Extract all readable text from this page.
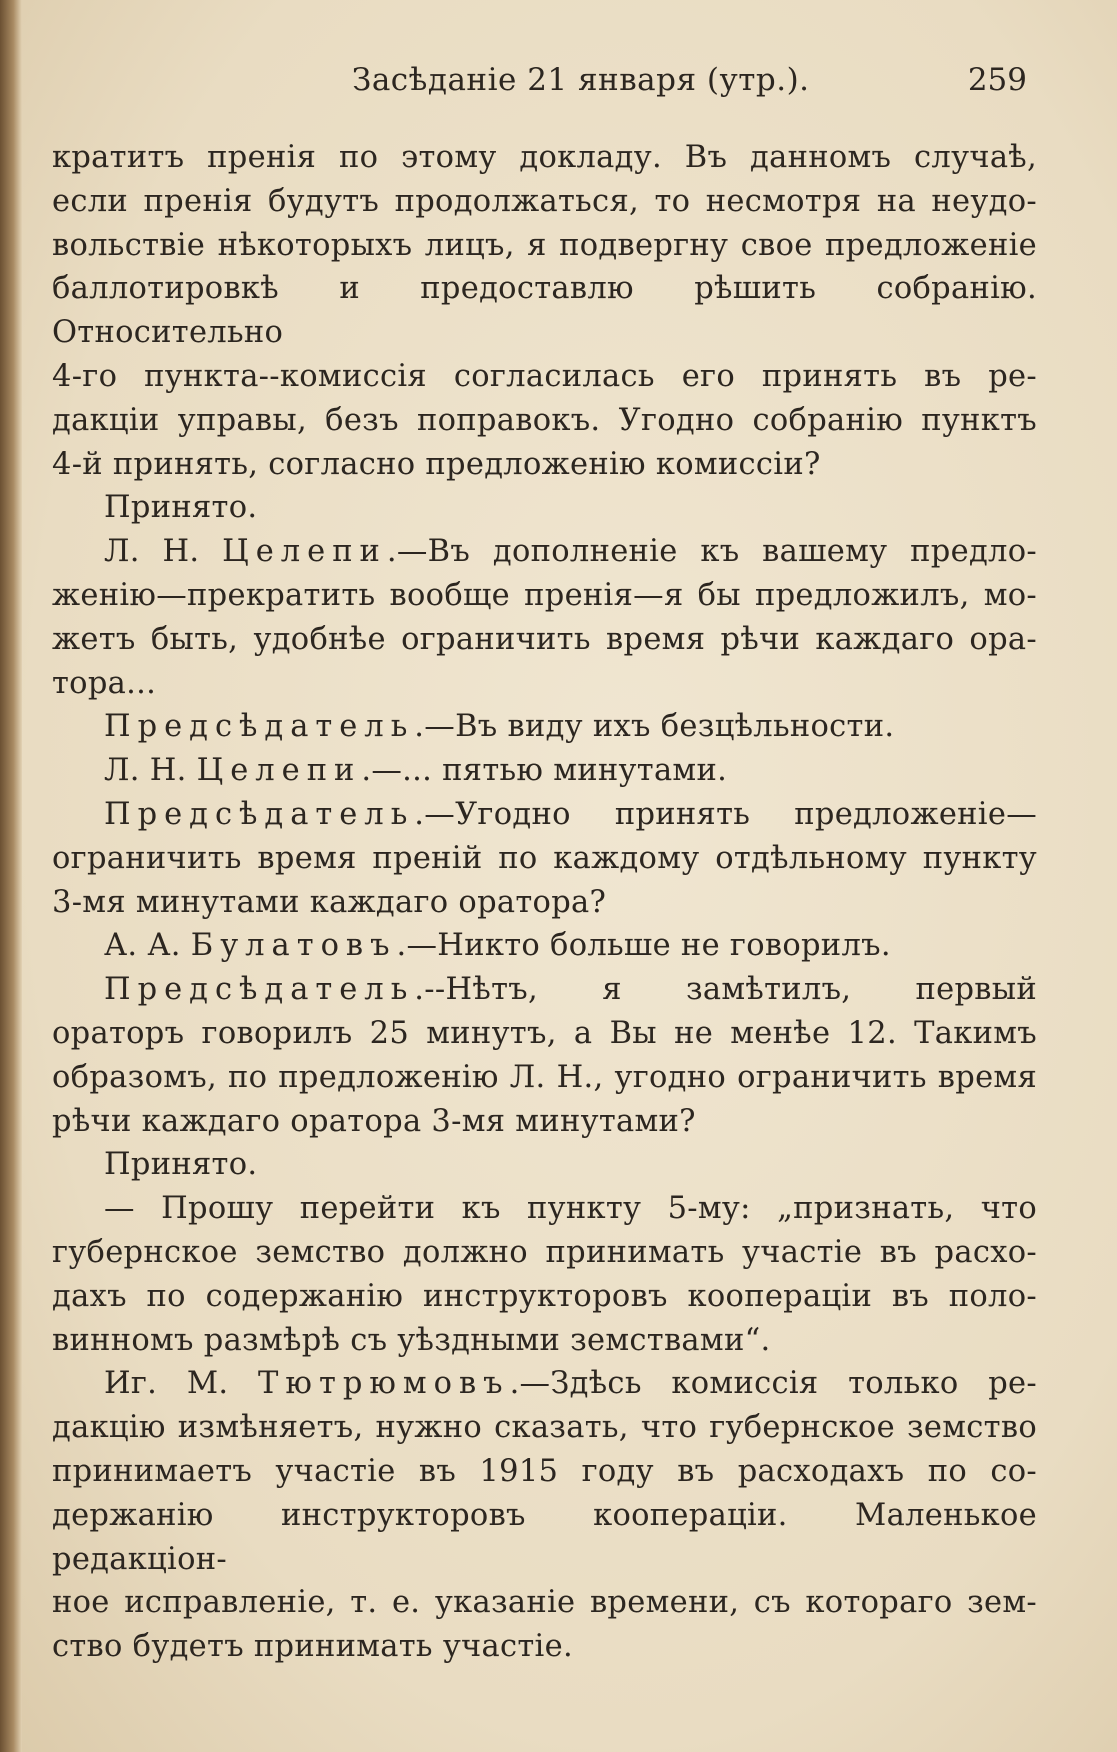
Засѣданіе 21 января (утр.).	259

кратитъ пренія по этому докладу. Въ данномъ случаѣ,

если пренія будутъ продолжаться, то несмотря на неудо-

вольствіе нѣкоторыхъ лицъ, я подвергну свое предложеніе

баллотировкѣ и предоставлю рѣшить собранію. Относительно

4-го пункта--комиссія согласилась его принять въ ре-

дакціи управы, безъ поправокъ. Угодно собранію пунктъ

4-й принять, согласно предложенію комиссіи?

Принято.

Л. Н. Целепи.—Въ дополненіе къ вашему предло-

женію—прекратить вообще пренія—я бы предложилъ, мо-

жетъ быть, удобнѣе ограничить время рѣчи каждаго ора-

тора...

Предсѣдатель.—Въ виду ихъ безцѣльности.

Л. Н. Целепи.—... пятью минутами.

Предсѣдатель.—Угодно принять предложеніе—

ограничить время преній по каждому отдѣльному пункту

3-мя минутами каждаго оратора?

А. А. Булатовъ.—Никто больше не говорилъ.

Предсѣдатель.--Нѣтъ, я замѣтилъ, первый

ораторъ говорилъ 25 минутъ, а Вы не менѣе 12. Такимъ

образомъ, по предложенію Л. Н., угодно ограничить время

рѣчи каждаго оратора 3-мя минутами?

Принято.

— Прошу перейти къ пункту 5-му: „признать, что

губернское земство должно принимать участіе въ расхо-

дахъ по содержанію инструкторовъ коопераціи въ поло-

винномъ размѣрѣ съ уѣздными земствами“.

Иг. М. Тютрюмовъ.—Здѣсь комиссія только ре-

дакцію измѣняетъ, нужно сказать, что губернское земство

принимаетъ участіе въ 1915 году въ расходахъ по со-

держанію инструкторовъ коопераціи. Маленькое редакціон-

ное исправленіе, т. е. указаніе времени, съ котораго зем-

ство будетъ принимать участіе.
